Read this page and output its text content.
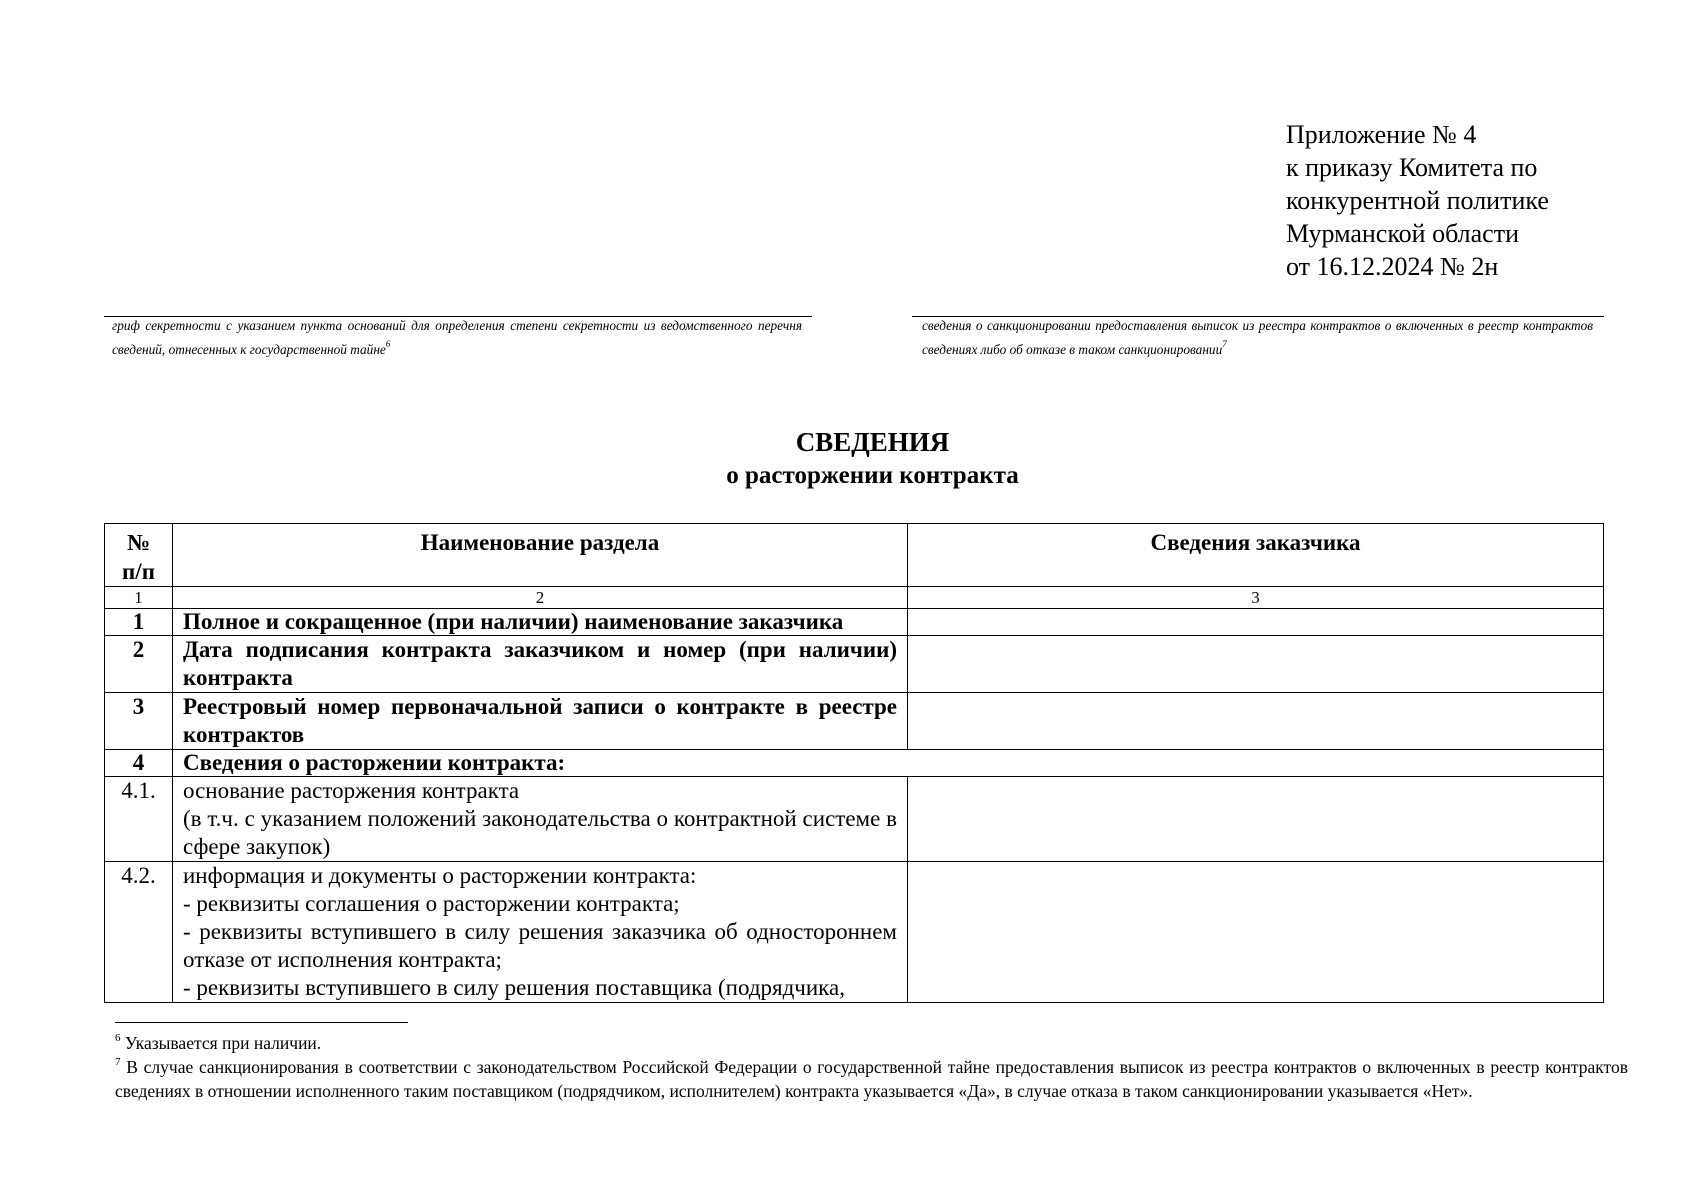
Приложение № 4
к приказу Комитета по
конкурентной политике
Мурманской области
от 16.12.2024 № 2н
гриф секретности с указанием пункта оснований для определения степени секретности из ведомственного перечня сведений, отнесенных к государственной тайне$^6$
сведения о санкционировании предоставления выписок из реестра контрактов о включенных в реестр контрактов сведениях либо об отказе в таком санкционировании$^7$
СВЕДЕНИЯ
о расторжении контракта
№ п/п	Наименование раздела	Сведения заказчика
1	2	3
1	Полное и сокращенное (при наличии) наименование заказчика	
2	Дата подписания контракта заказчиком и номер (при наличии) контракта	
3	Реестровый номер первоначальной записи о контракте в реестре контрактов	
4	Сведения о расторжении контракта:	
4.1.	основание расторжения контракта
(в т.ч. с указанием положений законодательства о контрактной системе в сфере закупок)	

4.2.	информация и документы о расторжении контракта:
- реквизиты соглашения о расторжении контракта;
- реквизиты вступившего в силу решения заказчика об одностороннем отказе от исполнения контракта;
- реквизиты вступившего в силу решения поставщика (подрядчика,	

$^6$ Указывается при наличии.

$^7$ В случае санкционирования в соответствии с законодательством Российской Федерации о государственной тайне предоставления выписок из реестра контрактов о включенных в реестр контрактов сведениях в отношении исполненного таким поставщиком (подрядчиком, исполнителем) контракта указывается «Да», в случае отказа в таком санкционировании указывается «Нет».
